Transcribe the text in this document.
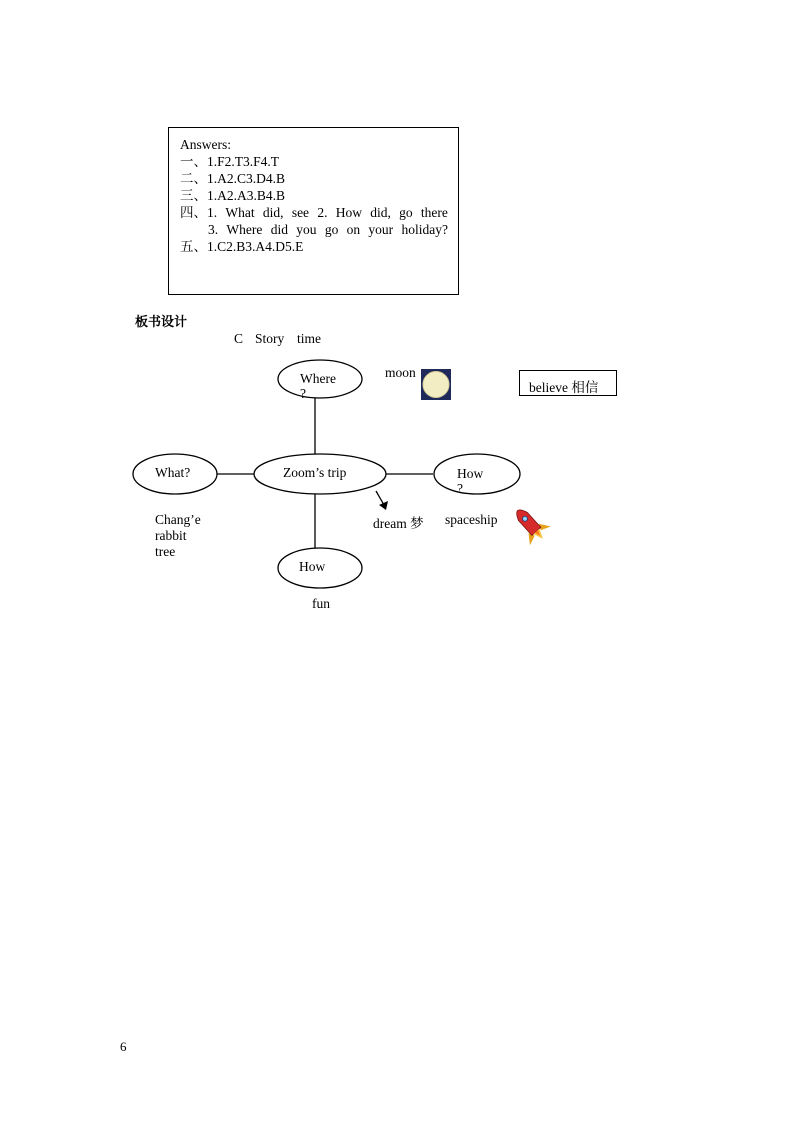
Answers:
一、1.F2.T3.F4.T
二、1.A2.C3.D4.B
三、1.A2.A3.B4.B
四、1. What did, see 2. How did, go there
3. Where did you go on your holiday?
五、1.C2.B3.A4.D5.E
板书设计
C Story  time
Where ?
Zoom’s trip
What?	How ?
How
moon
believe 相信
dream 梦 spaceship
Chang’e
rabbit
tree
fun
6
